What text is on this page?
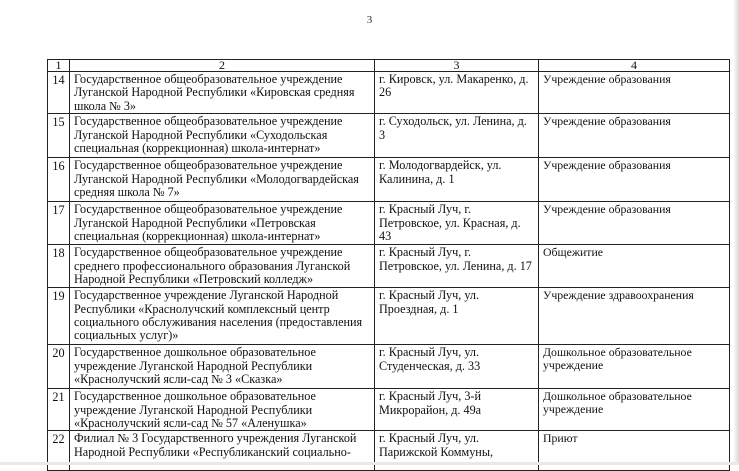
3
1	2	3	4
14	Государственное общеобразовательное учреждение Луганской Народной Республики «Кировская средняя школа № 3»	г. Кировск, ул. Макаренко, д. 26	Учреждение образования
15	Государственное общеобразовательное учреждение Луганской Народной Республики «Суходольская специальная (коррекционная) школа-интернат»	г. Суходольск, ул. Ленина, д. 3	Учреждение образования
16	Государственное общеобразовательное учреждение Луганской Народной Республики «Молодогвардейская средняя школа № 7»	г. Молодогвардейск, ул. Калинина, д. 1	Учреждение образования
17	Государственное общеобразовательное учреждение Луганской Народной Республики «Петровская специальная (коррекционная) школа-интернат»	г. Красный Луч, г. Петровское, ул. Красная, д. 43	Учреждение образования
18	Государственное общеобразовательное учреждение среднего профессионального образования Луганской Народной Республики «Петровский колледж»	г. Красный Луч, г. Петровское, ул. Ленина, д. 17	Общежитие
19	Государственное учреждение Луганской Народной Республики «Краснолучский комплексный центр социального обслуживания населения (предоставления социальных услуг)»	г. Красный Луч, ул. Проездная, д. 1	Учреждение здравоохранения
20	Государственное дошкольное образовательное учреждение Луганской Народной Республики «Краснолучский ясли-сад № 3 «Сказка»	г. Красный Луч, ул. Студенческая, д. 33	Дошкольное образовательное учреждение
21	Государственное дошкольное образовательное учреждение Луганской Народной Республики «Краснолучский ясли-сад № 57 «Аленушка»	г. Красный Луч, 3-й Микрорайон, д. 49а	Дошкольное образовательное учреждение
22	Филиал № 3 Государственного учреждения Луганской Народной Республики «Республиканский социально-	г. Красный Луч, ул. Парижской Коммуны,	Приют
